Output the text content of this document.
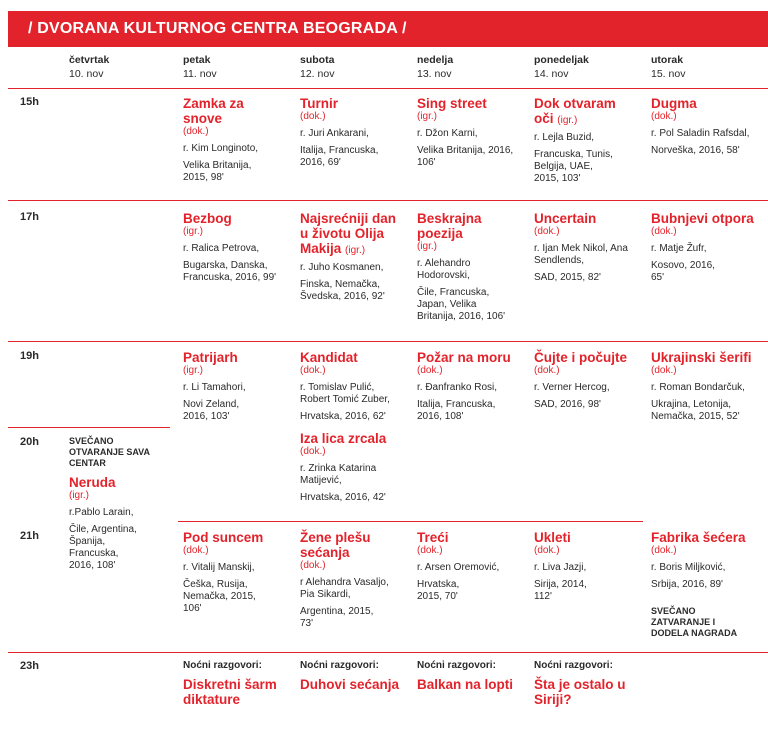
/ DVORANA KULTURNOG CENTRA BEOGRADA /
četvrtak
10. nov
petak
11. nov
subota
12. nov
nedelja
13. nov
ponedeljak
14. nov
utorak
15. nov
15h
17h
19h
20h
21h
23h
Zamka za snove
(dok.)
r. Kim Longinoto,
Velika Britanija, 2015, 98'
Turnir
(dok.)
r. Juri Ankarani,
Italija, Francuska, 2016, 69'
Sing street
(igr.)
r. Džon Karni,
Velika Britanija, 2016, 106'
Dok otvaram oči (igr.)
r. Lejla Buzid,
Francuska, Tunis, Belgija, UAE, 2015, 103'
Dugma
(dok.)
r. Pol Saladin Rafsdal,
Norveška, 2016, 58'
Bezbog
(igr.)
r. Ralica Petrova,
Bugarska, Danska, Francuska, 2016, 99'
Najsrećniji dan u životu Olija Makija (igr.)
r. Juho Kosmanen,
Finska, Nemačka, Švedska, 2016, 92'
Beskrajna poezija
(igr.)
r. Alehandro Hodorovski,
Čile, Francuska, Japan, Velika Britanija, 2016, 106'
Uncertain
(dok.)
r. Ijan Mek Nikol, Ana Sendlends,
SAD, 2015, 82'
Bubnjevi otpora
(dok.)
r. Matje Žufr,
Kosovo, 2016, 65'
Patrijarh
(igr.)
r. Li Tamahori,
Novi Zeland, 2016, 103'
Kandidat
(dok.)
r. Tomislav Pulić, Robert Tomić Zuber,
Hrvatska, 2016, 62'
Iza lica zrcala
(dok.)
r. Zrinka Katarina Matijević,
Hrvatska, 2016, 42'
Požar na moru
(dok.)
r. Đanfranko Rosi,
Italija, Francuska, 2016, 108'
Čujte i počujte
(dok.)
r. Verner Hercog,
SAD, 2016, 98'
Ukrajinski šerifi
(dok.)
r. Roman Bondarčuk,
Ukrajina, Letonija, Nemačka, 2015, 52'
SVEČANO OTVARANJE SAVA CENTAR
Neruda
(igr.)
r.Pablo Larain,
Čile, Argentina, Španija, Francuska, 2016, 108'
Pod suncem
(dok.)
r. Vitalij Manskij,
Češka, Rusija, Nemačka, 2015, 106'
Žene plešu sećanja
(dok.)
r Alehandra Vasaljo, Pia Sikardi,
Argentina, 2015, 73'
Treći
(dok.)
r. Arsen Oremović,
Hrvatska, 2015, 70'
Ukleti
(dok.)
r. Liva Jazji,
Sirija, 2014, 112'
Fabrika šećera
(dok.)
r. Boris Miljković,
Srbija, 2016, 89'
SVEČANO ZATVARANJE I DODELA NAGRADA
Noćni razgovori:
Diskretni šarm diktature
Noćni razgovori:
Duhovi sećanja
Noćni razgovori:
Balkan na lopti
Noćni razgovori:
Šta je ostalo u Siriji?
